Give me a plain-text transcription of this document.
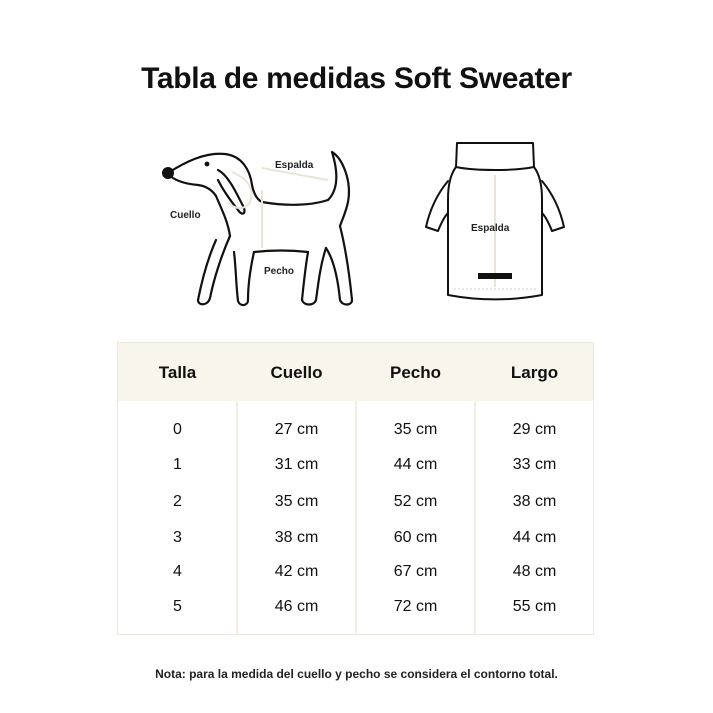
Tabla de medidas Soft Sweater
Espalda
Cuello
Pecho
Espalda
Talla	Cuello	Pecho	Largo
0	27 cm	35 cm	29 cm
1	31 cm	44 cm	33 cm
2	35 cm	52 cm	38 cm
3	38 cm	60 cm	44 cm
4	42 cm	67 cm	48 cm
5	46 cm	72 cm	55 cm
Nota: para la medida del cuello y pecho se considera el contorno total.
